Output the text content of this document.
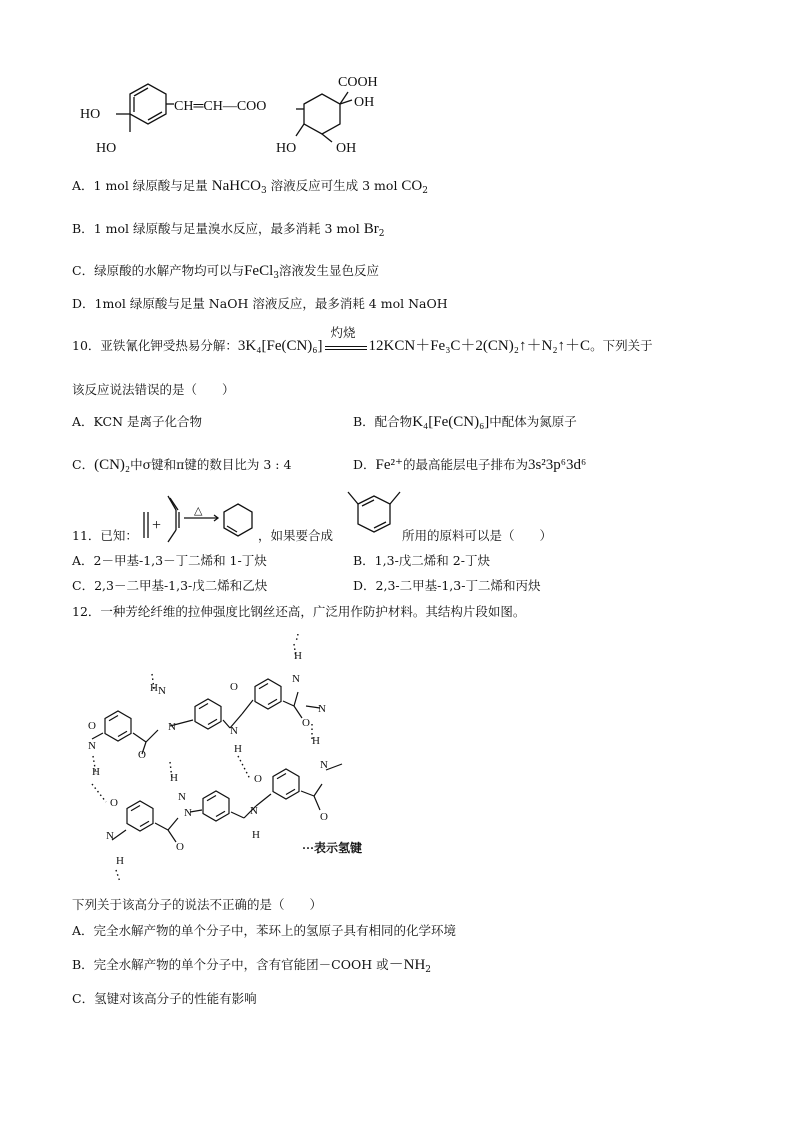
HO
HO
CH═CH—COO
COOH
OH
HO	OH
A．1 mol 绿原酸与足量 NaHCO$_3$ 溶液反应可生成 3 mol $CO_2$
B．1 mol 绿原酸与足量溴水反应，最多消耗 3 mol $Br_2$
C．绿原酸的水解产物均可以与FeCl$_3$溶液发生显色反应
D．1mol 绿原酸与足量 NaOH 溶液反应，最多消耗 4 mol NaOH
10．亚铁氰化钾受热易分解：3K₄[Fe(CN)₆]
灼烧
12KCN＋Fe₃C＋2(CN)₂↑＋N₂↑＋C。下列关于
该反应说法错误的是（　　）
A．KCN 是离子化合物	B．配合物K₄[Fe(CN)₆]中配体为氮原子
C．(CN)₂中σ键和π键的数目比为 3 : 4	D．Fe²⁺的最高能层电子排布为3s²3p⁶3d⁶
11．已知：
+
△
，如果要合成	所用的原料可以是（　　）
A．2－甲基-1,3－丁二烯和 1-丁炔	B．1,3-戊二烯和 2-丁炔
C．2,3－二甲基-1,3-戊二烯和乙炔	D．2,3-二甲基-1,3-丁二烯和丙炔
12．一种芳纶纤维的拉伸强度比钢丝还高，广泛用作防护材料。其结构片段如图。
O
N
H
H N
O
N	N
H
O
H
N
O
N
O
N
H
H
N
O
N	N
H
O
H
N
O
···表示氢键
下列关于该高分子的说法不正确的是（　　）
A．完全水解产物的单个分子中，苯环上的氢原子具有相同的化学环境
B．完全水解产物的单个分子中，含有官能团－COOH 或$-NH_2$
C．氢键对该高分子的性能有影响
